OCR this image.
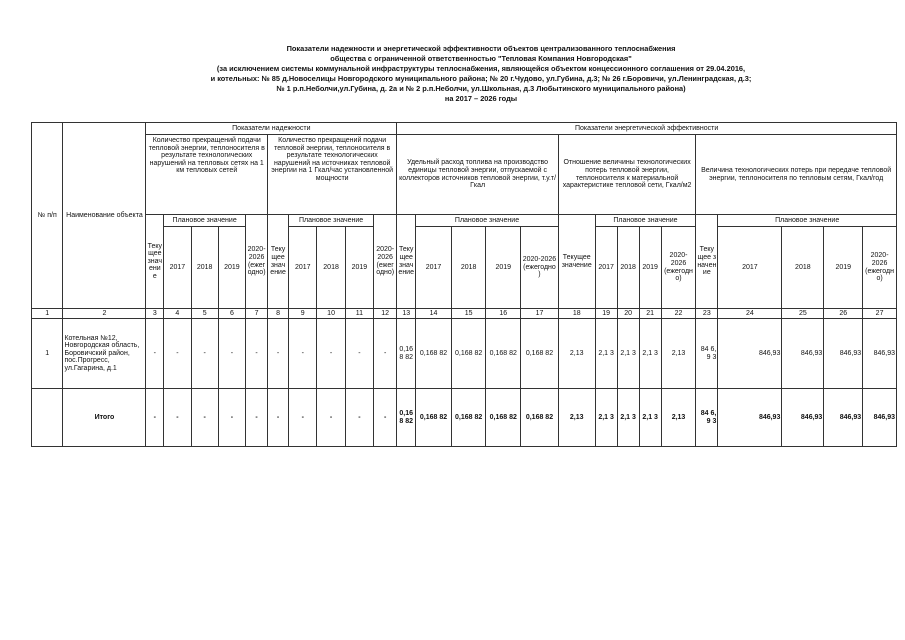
Показатели надежности и энергетической эффективности объектов централизованного теплоснабжения
общества с ограниченной ответственностью "Тепловая Компания Новгородская"
(за исключением системы коммунальной инфраструктуры теплоснабжения, являющейся объектом концессионного соглашения от 29.04.2016,
и котельных: № 85 д.Новоселицы Новгородского муниципального района; № 20 г.Чудово, ул.Губина, д.3; № 26 г.Боровичи, ул.Ленинградская, д.3;
№ 1 р.п.Неболчи,ул.Губина, д. 2а и № 2 р.п.Неболчи, ул.Школьная, д.3 Любытинского муниципального района)
на 2017 – 2026 годы
№ п/п	Наименование объекта	Показатели надежности										Показатели энергетической эффективности														
		Количество прекращений подачи тепловой энергии, теплоносителя в результате технологических нарушений на тепловых сетях на 1 км тепловых сетей					Количество прекращений подачи тепловой энергии, теплоносителя в результате технологических нарушений на источниках тепловой энергии на 1 Гкал/час установленной мощности					Удельный расход топлива на производство единицы тепловой энергии, отпускаемой с коллекторов источников тепловой энергии, т.у.т/Гкал					Отношение величины технологических потерь тепловой энергии, теплоносителя к материальной характеристике тепловой сети, Гкал/м2					Величина технологических потерь при передаче тепловой энергии, теплоносителя по тепловым сетям, Гкал/год				
		Текущее значение	Плановое значение			2020-2026 (ежегодно)	Текущее значение	Плановое значение			2020-2026 (ежегодно)	Текущее значение	Плановое значение				Текущее значение	Плановое значение				Текущее значение	Плановое значение			
			2017	2018	2019			2017	2018	2019			2017	2018	2019	2020-2026 (ежегодно)		2017	2018	2019	2020-2026 (ежегодно)		2017	2018	2019	2020-2026 (ежегодно)
1	2	3	4	5	6	7	8	9	10	11	12	13	14	15	16	17	18	19	20	21	22	23	24	25	26	27
1	Котельная №12, Новгородская область, Боровичский район, пос.Прогресс, ул.Гагарина, д.1	-	-	-	-	-	-	-	-	-	-	0,168 82	0,168 82	0,168 82	0,168 82	0,168 82	2,13	2,1 3	2,1 3	2,1 3	2,13	84 6,9 3	846,93	846,93	846,93	846,93
	Итого	-	-	-	-	-	-	-	-	-	-	0,168 82	0,168 82	0,168 82	0,168 82	0,168 82	2,13	2,1 3	2,1 3	2,1 3	2,13	84 6,9 3	846,93	846,93	846,93	846,93
